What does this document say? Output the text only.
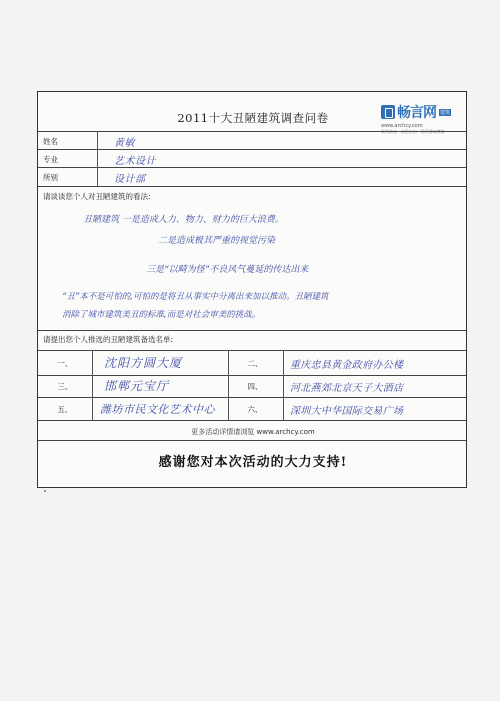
2011十大丑陋建筑调查问卷	畅言网 建筑
www.archcy.com
姓名	黄敏
专业	艺术设计
所别	设计部
请谈谈您个人对丑陋建筑的看法:
丑陋建筑 一是造成人力、物力、财力的巨大浪费。
二是造成极其严重的视觉污染
三是“以畸为怪”不良风气蔓延的传达出来
“丑”本不是可怕的,可怕的是将丑从事实中分离出来加以推动。丑陋建筑
消除了城市建筑美丑的标准,而是对社会审美的挑战。
请提出您个人推选的丑陋建筑备选名单:
一、	沈阳方圆大厦	二、	重庆忠县黄金政府办公楼
三、	邯郸元宝厅	四、	河北燕郊北京天子大酒店
五、	潍坊市民文化艺术中心	六、	深圳大中华国际交易广场
更多活动详情请浏览 www.archcy.com
感谢您对本次活动的大力支持!
